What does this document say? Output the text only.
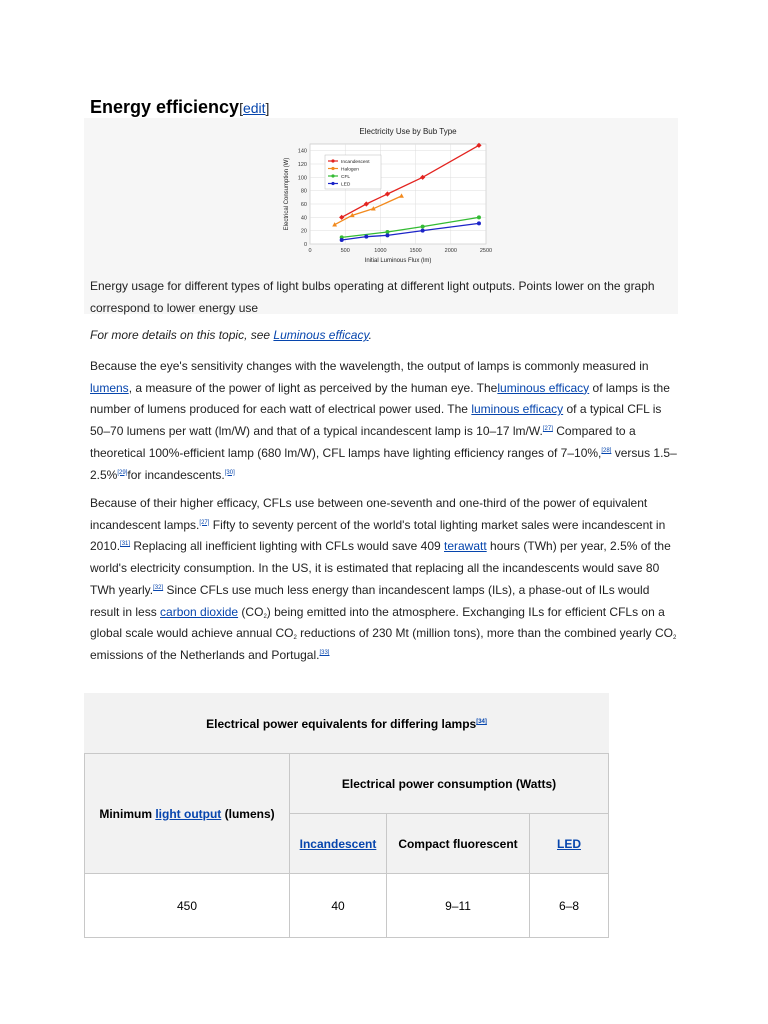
Energy efficiency[edit]
Electricity Use by Bub Type
0
20
40
60
80
100
120
140
0	500	1000	1500	2000	2500
Incandescent
Halogen
CFL
LED
Initial Luminous Flux (lm)
Electrical Consumption (W)
Energy usage for different types of light bulbs operating at different light outputs. Points lower on the graph correspond to lower energy use
For more details on this topic, see Luminous efficacy.
Because the eye's sensitivity changes with the wavelength, the output of lamps is commonly measured in lumens, a measure of the power of light as perceived by the human eye. Theluminous efficacy of lamps is the number of lumens produced for each watt of electrical power used. The luminous efficacy of a typical CFL is 50–70 lumens per watt (lm/W) and that of a typical incandescent lamp is 10–17 lm/W.[27] Compared to a theoretical 100%-efficient lamp (680 lm/W), CFL lamps have lighting efficiency ranges of 7–10%,[28] versus 1.5–2.5%[29]for incandescents.[30]
Because of their higher efficacy, CFLs use between one-seventh and one-third of the power of equivalent incandescent lamps.[27] Fifty to seventy percent of the world's total lighting market sales were incandescent in 2010.[31] Replacing all inefficient lighting with CFLs would save 409 terawatt hours (TWh) per year, 2.5% of the world's electricity consumption. In the US, it is estimated that replacing all the incandescents would save 80 TWh yearly.[32] Since CFLs use much less energy than incandescent lamps (ILs), a phase-out of ILs would result in less carbon dioxide $(CO_2)$ being emitted into the atmosphere. Exchanging ILs for efficient CFLs on a global scale would achieve annual $CO_2$ reductions of 230 Mt (million tons), more than the combined yearly $CO_2$ emissions of the Netherlands and Portugal.[33]
Electrical power equivalents for differing lamps[34]
Minimum light output (lumens)	Electrical power consumption (Watts)		
	Incandescent	Compact fluorescent	LED
450	40	9–11	6–8
